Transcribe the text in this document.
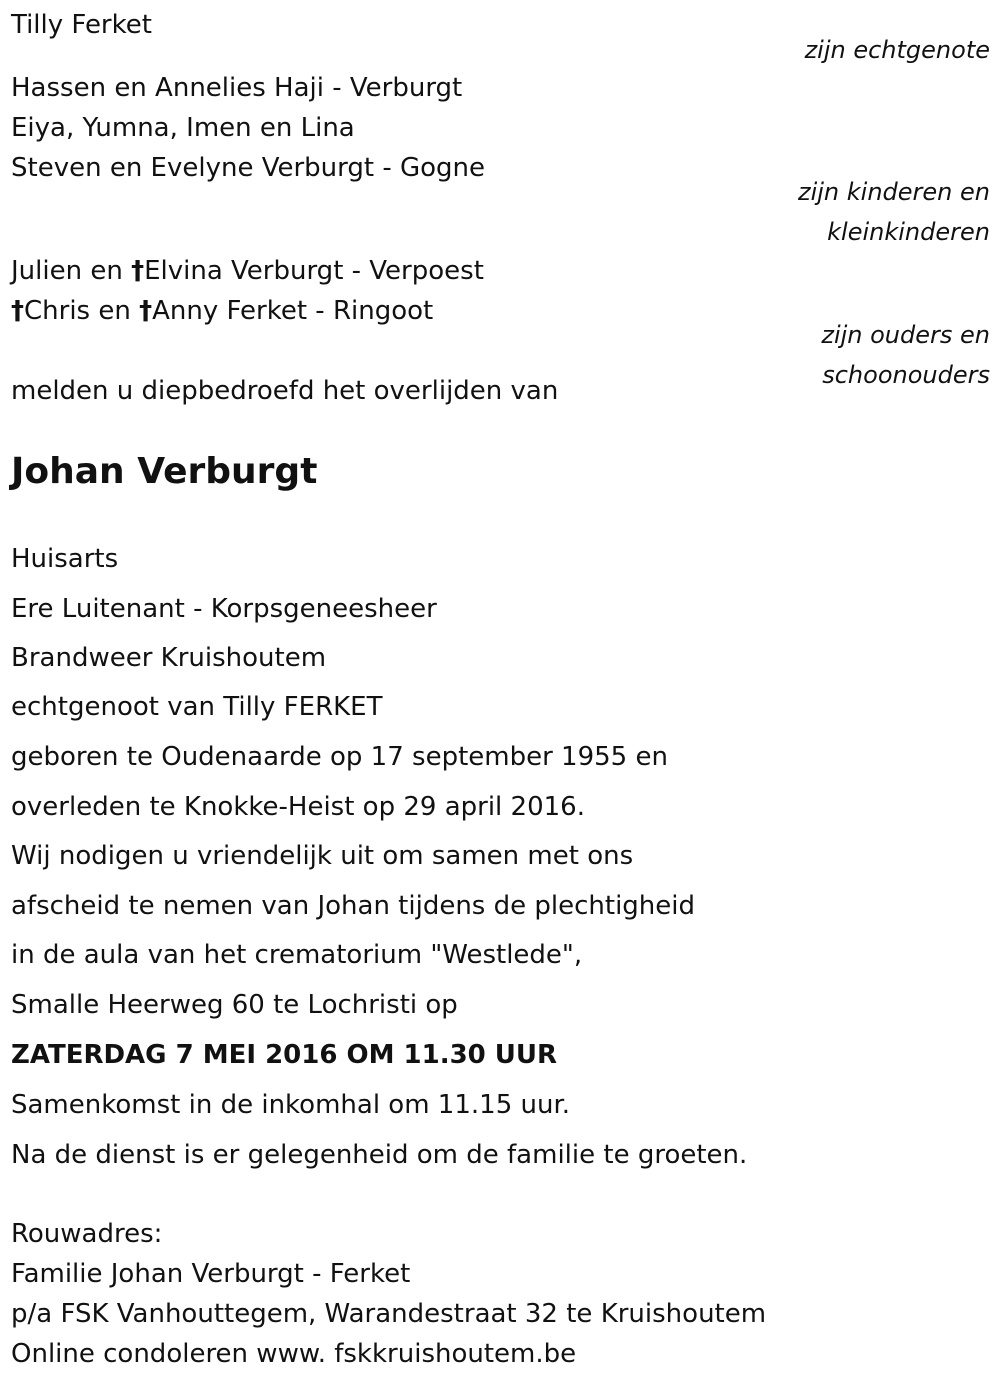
Tilly Ferket
zijn echtgenote
Hassen en Annelies Haji - Verburgt
Eiya, Yumna, Imen en Lina
Steven en Evelyne Verburgt - Gogne
zijn kinderen en
kleinkinderen
Julien en †Elvina Verburgt - Verpoest
†Chris en †Anny Ferket - Ringoot
zijn ouders en
schoonouders
melden u diepbedroefd het overlijden van
Johan Verburgt
Huisarts
Ere Luitenant - Korpsgeneesheer
Brandweer Kruishoutem
echtgenoot van Tilly FERKET
geboren te Oudenaarde op 17 september 1955 en
overleden te Knokke-Heist op 29 april 2016.
Wij nodigen u vriendelijk uit om samen met ons
afscheid te nemen van Johan tijdens de plechtigheid
in de aula van het crematorium "Westlede",
Smalle Heerweg 60 te Lochristi op
ZATERDAG 7 MEI 2016 OM 11.30 UUR
Samenkomst in de inkomhal om 11.15 uur.
Na de dienst is er gelegenheid om de familie te groeten.
Rouwadres:
Familie Johan Verburgt - Ferket
p/a FSK Vanhouttegem, Warandestraat 32 te Kruishoutem
Online condoleren www. fskkruishoutem.be
